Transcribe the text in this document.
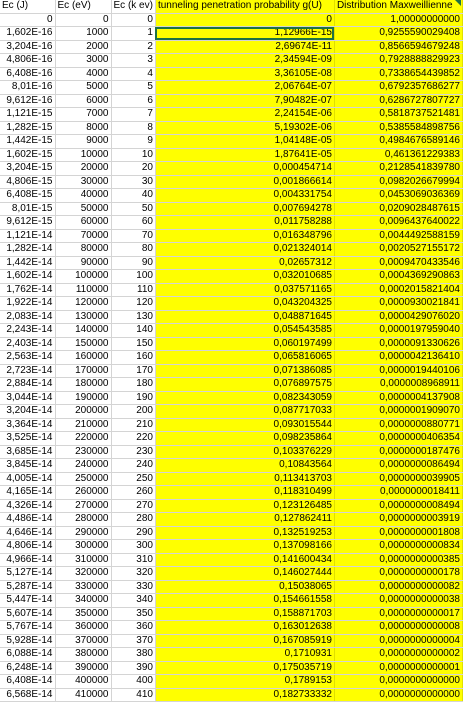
Ec (J)	Ec (eV)	Ec (k ev)	tunneling penetration probability g(U)	Distribution Maxweillienne

0	0	0	0	1,00000000000
1,602E-16	1000	1	1,12966E-15	0,9255590029408
3,204E-16	2000	2	2,69674E-11	0,8566594679248
4,806E-16	3000	3	2,34594E-09	0,7928888829923
6,408E-16	4000	4	3,36105E-08	0,7338654439852
8,01E-16	5000	5	2,06764E-07	0,6792357686277
9,612E-16	6000	6	7,90482E-07	0,6286727807727
1,121E-15	7000	7	2,24154E-06	0,5818737521481
1,282E-15	8000	8	5,19302E-06	0,5385584898756
1,442E-15	9000	9	1,04148E-05	0,4984676589146
1,602E-15	10000	10	1,87641E-05	0,461361229383
3,204E-15	20000	20	0,000454714	0,2128541839780
4,806E-15	30000	30	0,001866614	0,0982026679994
6,408E-15	40000	40	0,004331754	0,0453069036369
8,01E-15	50000	50	0,007694278	0,0209028487615
9,612E-15	60000	60	0,011758288	0,0096437640022
1,121E-14	70000	70	0,016348796	0,0044492588159
1,282E-14	80000	80	0,021324014	0,0020527155172
1,442E-14	90000	90	0,02657312	0,0009470433546
1,602E-14	100000	100	0,032010685	0,0004369290863
1,762E-14	110000	110	0,037571165	0,0002015821404
1,922E-14	120000	120	0,043204325	0,0000930021841
2,083E-14	130000	130	0,048871645	0,0000429076020
2,243E-14	140000	140	0,054543585	0,0000197959040
2,403E-14	150000	150	0,060197499	0,0000091330626
2,563E-14	160000	160	0,065816065	0,0000042136410
2,723E-14	170000	170	0,071386085	0,0000019440106
2,884E-14	180000	180	0,076897575	0,0000008968911
3,044E-14	190000	190	0,082343059	0,0000004137908
3,204E-14	200000	200	0,087717033	0,0000001909070
3,364E-14	210000	210	0,093015544	0,0000000880771
3,525E-14	220000	220	0,098235864	0,0000000406354
3,685E-14	230000	230	0,103376229	0,0000000187476
3,845E-14	240000	240	0,10843564	0,0000000086494
4,005E-14	250000	250	0,113413703	0,0000000039905
4,165E-14	260000	260	0,118310499	0,0000000018411
4,326E-14	270000	270	0,123126485	0,0000000008494
4,486E-14	280000	280	0,127862411	0,0000000003919
4,646E-14	290000	290	0,132519253	0,0000000001808
4,806E-14	300000	300	0,137098166	0,0000000000834
4,966E-14	310000	310	0,141600434	0,0000000000385
5,127E-14	320000	320	0,146027444	0,0000000000178
5,287E-14	330000	330	0,15038065	0,0000000000082
5,447E-14	340000	340	0,154661558	0,0000000000038
5,607E-14	350000	350	0,158871703	0,0000000000017
5,767E-14	360000	360	0,163012638	0,0000000000008
5,928E-14	370000	370	0,167085919	0,0000000000004
6,088E-14	380000	380	0,1710931	0,0000000000002
6,248E-14	390000	390	0,175035719	0,0000000000001
6,408E-14	400000	400	0,1789153	0,0000000000000
6,568E-14	410000	410	0,182733332	0,0000000000000
